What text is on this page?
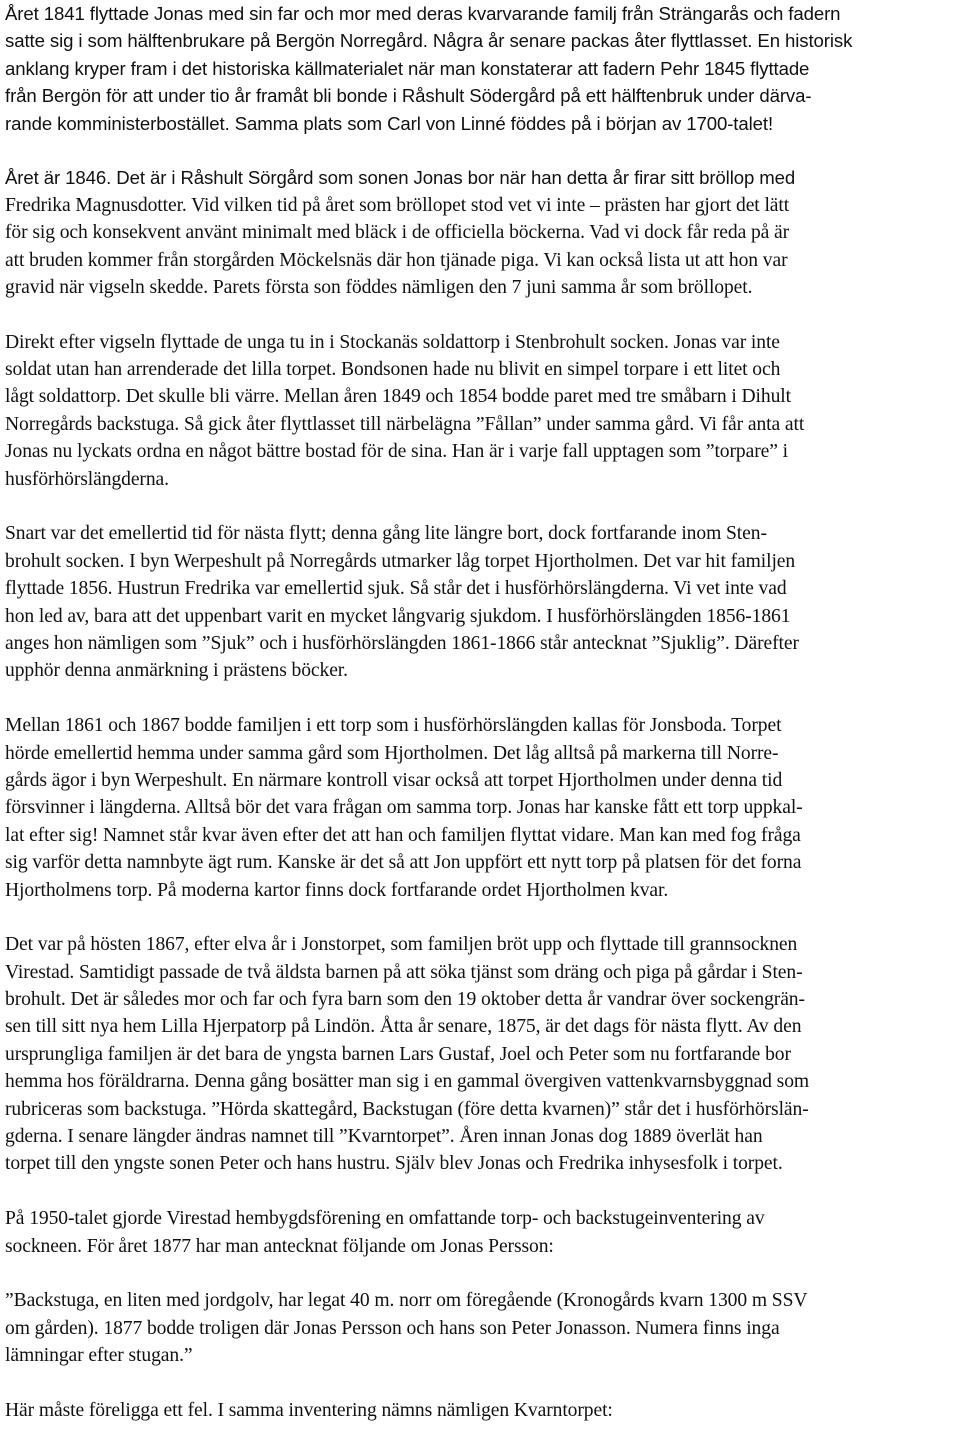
Året 1841 flyttade Jonas med sin far och mor med deras kvarvarande familj från Strängarås och fadern
satte sig i som hälftenbrukare på Bergön Norregård. Några år senare packas åter flyttlasset. En historisk
anklang kryper fram i det historiska källmaterialet när man konstaterar att fadern Pehr 1845 flyttade
från Bergön för att under tio år framåt bli bonde i Råshult Södergård på ett hälftenbruk under därva-
rande komministerbostället. Samma plats som Carl von Linné föddes på i början av 1700-talet!
Året är 1846. Det är i Råshult Sörgård som sonen Jonas bor när han detta år firar sitt bröllop med
Fredrika Magnusdotter. Vid vilken tid på året som bröllopet stod vet vi inte – prästen har gjort det lätt
för sig och konsekvent använt minimalt med bläck i de officiella böckerna. Vad vi dock får reda på är
att bruden kommer från storgården Möckelsnäs där hon tjänade piga. Vi kan också lista ut att hon var
gravid när vigseln skedde. Parets första son föddes nämligen den 7 juni samma år som bröllopet.
Direkt efter vigseln flyttade de unga tu in i Stockanäs soldattorp i Stenbrohult socken. Jonas var inte
soldat utan han arrenderade det lilla torpet. Bondsonen hade nu blivit en simpel torpare i ett litet och
lågt soldattorp. Det skulle bli värre. Mellan åren 1849 och 1854 bodde paret med tre småbarn i Dihult
Norregårds backstuga. Så gick åter flyttlasset till närbelägna ”Fållan” under samma gård. Vi får anta att
Jonas nu lyckats ordna en något bättre bostad för de sina. Han är i varje fall upptagen som ”torpare” i
husförhörslängderna.
Snart var det emellertid tid för nästa flytt; denna gång lite längre bort, dock fortfarande inom Sten-
brohult socken. I byn Werpeshult på Norregårds utmarker låg torpet Hjortholmen. Det var hit familjen
flyttade 1856. Hustrun Fredrika var emellertid sjuk. Så står det i husförhörslängderna. Vi vet inte vad
hon led av, bara att det uppenbart varit en mycket långvarig sjukdom. I husförhörslängden 1856-1861
anges hon nämligen som ”Sjuk” och i husförhörslängden 1861-1866 står antecknat ”Sjuklig”. Därefter
upphör denna anmärkning i prästens böcker.
Mellan 1861 och 1867 bodde familjen i ett torp som i husförhörslängden kallas för Jonsboda. Torpet
hörde emellertid hemma under samma gård som Hjortholmen. Det låg alltså på markerna till Norre-
gårds ägor i byn Werpeshult. En närmare kontroll visar också att torpet Hjortholmen under denna tid
försvinner i längderna. Alltså bör det vara frågan om samma torp. Jonas har kanske fått ett torp uppkal-
lat efter sig! Namnet står kvar även efter det att han och familjen flyttat vidare. Man kan med fog fråga
sig varför detta namnbyte ägt rum. Kanske är det så att Jon uppfört ett nytt torp på platsen för det forna
Hjortholmens torp. På moderna kartor finns dock fortfarande ordet Hjortholmen kvar.
Det var på hösten 1867, efter elva år i Jonstorpet, som familjen bröt upp och flyttade till grannsocknen
Virestad. Samtidigt passade de två äldsta barnen på att söka tjänst som dräng och piga på gårdar i Sten-
brohult. Det är således mor och far och fyra barn som den 19 oktober detta år vandrar över sockengrän-
sen till sitt nya hem Lilla Hjerpatorp på Lindön. Åtta år senare, 1875, är det dags för nästa flytt. Av den
ursprungliga familjen är det bara de yngsta barnen Lars Gustaf, Joel och Peter som nu fortfarande bor
hemma hos föräldrarna. Denna gång bosätter man sig i en gammal övergiven vattenkvarnsbyggnad som
rubriceras som backstuga. ”Hörda skattegård, Backstugan (före detta kvarnen)” står det i husförhörslän-
gderna. I senare längder ändras namnet till ”Kvarntorpet”. Åren innan Jonas dog 1889 överlät han
torpet till den yngste sonen Peter och hans hustru. Själv blev Jonas och Fredrika inhysesfolk i torpet.
På 1950-talet gjorde Virestad hembygdsförening en omfattande torp- och backstugeinventering av
sockneen. För året 1877 har man antecknat följande om Jonas Persson:
”Backstuga, en liten med jordgolv, har legat 40 m. norr om föregående (Kronogårds kvarn 1300 m SSV
om gården). 1877 bodde troligen där Jonas Persson och hans son Peter Jonasson. Numera finns inga
lämningar efter stugan.”
Här måste föreligga ett fel. I samma inventering nämns nämligen Kvarntorpet:
